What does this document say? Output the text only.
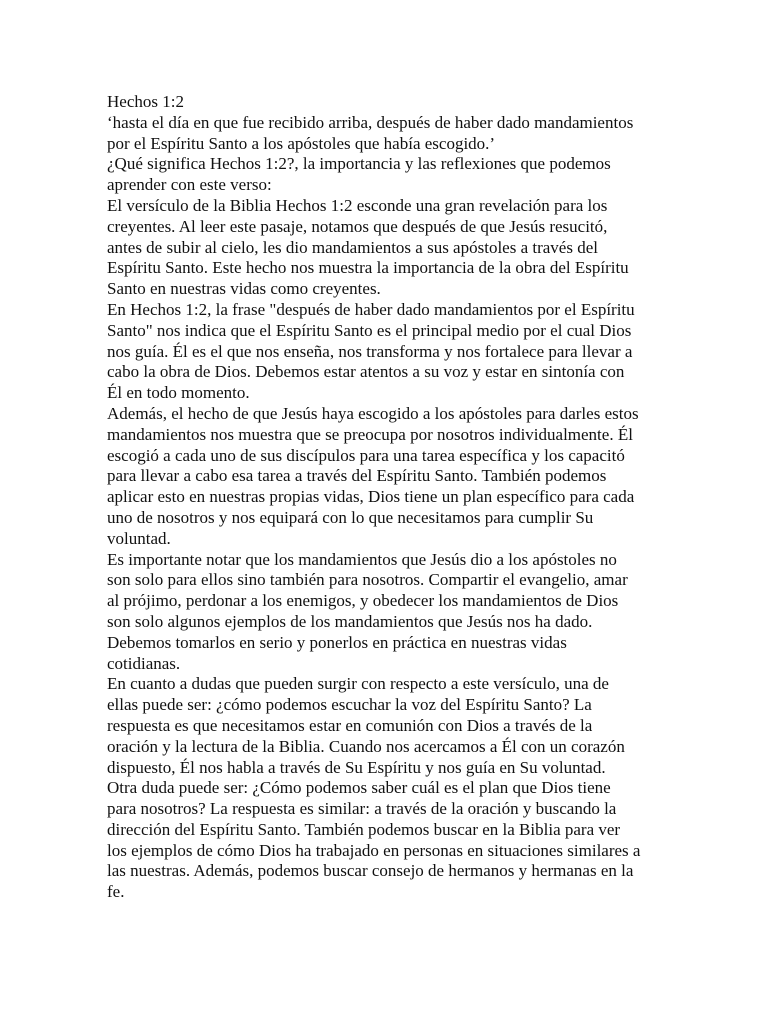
Hechos 1:2
‘hasta el día en que fue recibido arriba, después de haber dado mandamientos
por el Espíritu Santo a los apóstoles que había escogido.’
¿Qué significa Hechos 1:2?, la importancia y las reflexiones que podemos
aprender con este verso:
El versículo de la Biblia Hechos 1:2 esconde una gran revelación para los
creyentes. Al leer este pasaje, notamos que después de que Jesús resucitó,
antes de subir al cielo, les dio mandamientos a sus apóstoles a través del
Espíritu Santo. Este hecho nos muestra la importancia de la obra del Espíritu
Santo en nuestras vidas como creyentes.
En Hechos 1:2, la frase "después de haber dado mandamientos por el Espíritu
Santo" nos indica que el Espíritu Santo es el principal medio por el cual Dios
nos guía. Él es el que nos enseña, nos transforma y nos fortalece para llevar a
cabo la obra de Dios. Debemos estar atentos a su voz y estar en sintonía con
Él en todo momento.
Además, el hecho de que Jesús haya escogido a los apóstoles para darles estos
mandamientos nos muestra que se preocupa por nosotros individualmente. Él
escogió a cada uno de sus discípulos para una tarea específica y los capacitó
para llevar a cabo esa tarea a través del Espíritu Santo. También podemos
aplicar esto en nuestras propias vidas, Dios tiene un plan específico para cada
uno de nosotros y nos equipará con lo que necesitamos para cumplir Su
voluntad.
Es importante notar que los mandamientos que Jesús dio a los apóstoles no
son solo para ellos sino también para nosotros. Compartir el evangelio, amar
al prójimo, perdonar a los enemigos, y obedecer los mandamientos de Dios
son solo algunos ejemplos de los mandamientos que Jesús nos ha dado.
Debemos tomarlos en serio y ponerlos en práctica en nuestras vidas
cotidianas.
En cuanto a dudas que pueden surgir con respecto a este versículo, una de
ellas puede ser: ¿cómo podemos escuchar la voz del Espíritu Santo? La
respuesta es que necesitamos estar en comunión con Dios a través de la
oración y la lectura de la Biblia. Cuando nos acercamos a Él con un corazón
dispuesto, Él nos habla a través de Su Espíritu y nos guía en Su voluntad.
Otra duda puede ser: ¿Cómo podemos saber cuál es el plan que Dios tiene
para nosotros? La respuesta es similar: a través de la oración y buscando la
dirección del Espíritu Santo. También podemos buscar en la Biblia para ver
los ejemplos de cómo Dios ha trabajado en personas en situaciones similares a
las nuestras. Además, podemos buscar consejo de hermanos y hermanas en la
fe.
